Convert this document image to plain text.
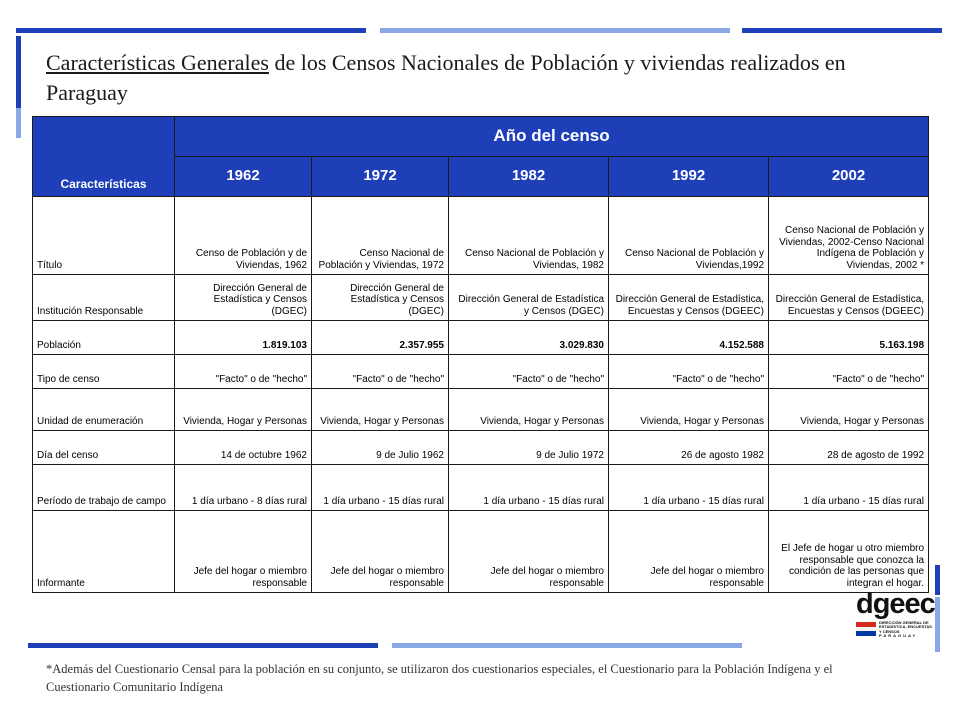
Características Generales de los Censos Nacionales de Población y viviendas realizados en Paraguay
Características	Año del censo				
	1962	1972	1982	1992	2002
Título	Censo de Población y de Viviendas, 1962	Censo Nacional de Población y Viviendas, 1972	Censo Nacional de Población y Viviendas, 1982	Censo Nacional de Población y Viviendas,1992	Censo Nacional de Población y Viviendas, 2002-Censo Nacional Indígena de Población y Viviendas, 2002 *
Institución Responsable	Dirección General de Estadística y Censos (DGEC)	Dirección General de Estadística y Censos (DGEC)	Dirección General de Estadística y Censos (DGEC)	Dirección General de Estadística, Encuestas y Censos (DGEEC)	Dirección General de Estadística, Encuestas y Censos (DGEEC)
Población	1.819.103	2.357.955	3.029.830	4.152.588	5.163.198
Tipo de censo	"Facto" o de "hecho"	"Facto" o de "hecho"	"Facto" o de "hecho"	"Facto" o de "hecho"	"Facto" o de "hecho"
Unidad de enumeración	Vivienda, Hogar y Personas	Vivienda, Hogar y Personas	Vivienda, Hogar y Personas	Vivienda, Hogar y Personas	Vivienda, Hogar y Personas
Día del censo	14 de octubre 1962	9 de Julio 1962	9 de Julio 1972	26 de agosto 1982	28 de agosto de 1992
Período de trabajo de campo	1 día urbano - 8 días rural	1 día urbano - 15 días rural	1 día urbano - 15 días rural	1 día urbano - 15 días rural	1 día urbano - 15 días rural
Informante	Jefe del hogar o miembro responsable	Jefe del hogar o miembro responsable	Jefe del hogar o miembro responsable	Jefe del hogar o miembro responsable	El Jefe de hogar u otro miembro responsable que conozca la condición de las personas que integran el hogar.
dgeec
DIRECCIÓN GENERAL DE ESTADÍSTICA, ENCUESTAS Y CENSOS
PARAGUAY

*Además del Cuestionario Censal para la población en su conjunto, se utilizaron dos cuestionarios especiales, el Cuestionario para la Población Indígena y el Cuestionario Comunitario Indígena
